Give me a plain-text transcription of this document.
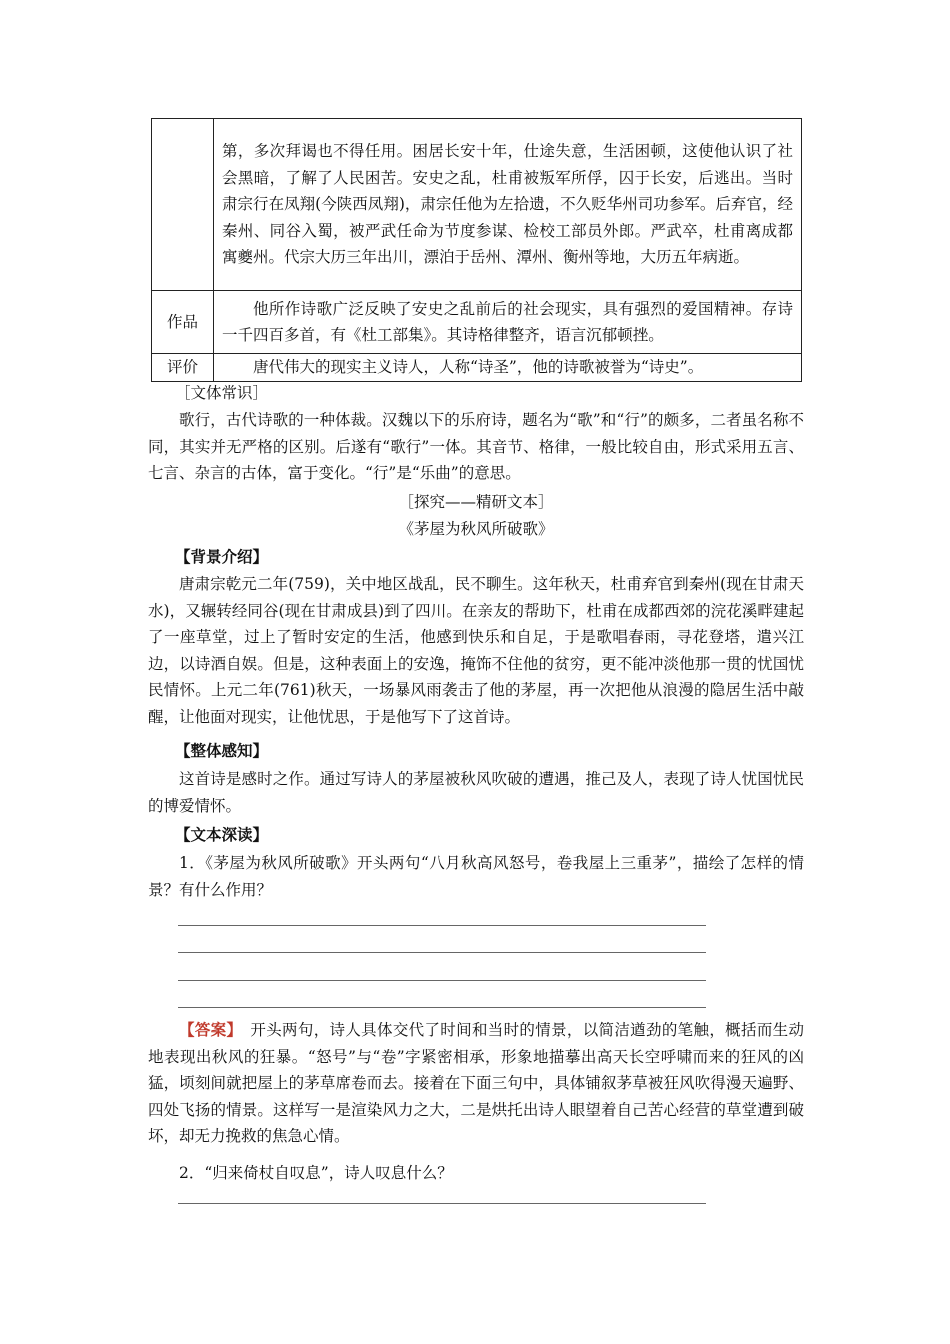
	第，多次拜谒也不得任用。困居长安十年，仕途失意，生活困顿，这使他认识了社会黑暗，了解了人民困苦。安史之乱，杜甫被叛军所俘，囚于长安，后逃出。当时肃宗行在凤翔(今陕西凤翔)，肃宗任他为左拾遗，不久贬华州司功参军。后弃官，经秦州、同谷入蜀，被严武任命为节度参谋、检校工部员外郎。严武卒，杜甫离成都寓夔州。代宗大历三年出川，漂泊于岳州、潭州、衡州等地，大历五年病逝。
作品	他所作诗歌广泛反映了安史之乱前后的社会现实，具有强烈的爱国精神。存诗一千四百多首，有《杜工部集》。其诗格律整齐，语言沉郁顿挫。
评价	唐代伟大的现实主义诗人，人称“诗圣”，他的诗歌被誉为“诗史”。
［文体常识］

歌行，古代诗歌的一种体裁。汉魏以下的乐府诗，题名为“歌”和“行”的颇多，二者虽名称不同，其实并无严格的区别。后遂有“歌行”一体。其音节、格律，一般比较自由，形式采用五言、七言、杂言的古体，富于变化。“行”是“乐曲”的意思。

［探究——精研文本］
《茅屋为秋风所破歌》
【背景介绍】

唐肃宗乾元二年(759)，关中地区战乱，民不聊生。这年秋天，杜甫弃官到秦州(现在甘肃天水)，又辗转经同谷(现在甘肃成县)到了四川。在亲友的帮助下，杜甫在成都西郊的浣花溪畔建起了一座草堂，过上了暂时安定的生活，他感到快乐和自足，于是歌唱春雨，寻花登塔，遣兴江边，以诗酒自娱。但是，这种表面上的安逸，掩饰不住他的贫穷，更不能冲淡他那一贯的忧国忧民情怀。上元二年(761)秋天，一场暴风雨袭击了他的茅屋，再一次把他从浪漫的隐居生活中敲醒，让他面对现实，让他忧思，于是他写下了这首诗。

【整体感知】

这首诗是感时之作。通过写诗人的茅屋被秋风吹破的遭遇，推己及人，表现了诗人忧国忧民的博爱情怀。

【文本深读】

1．《茅屋为秋风所破歌》开头两句“八月秋高风怒号，卷我屋上三重茅”，描绘了怎样的情景？有什么作用？

【答案】　 开头两句，诗人具体交代了时间和当时的情景，以简洁遒劲的笔触，概括而生动地表现出秋风的狂暴。“怒号”与“卷”字紧密相承，形象地描摹出高天长空呼啸而来的狂风的凶猛，顷刻间就把屋上的茅草席卷而去。接着在下面三句中，具体铺叙茅草被狂风吹得漫天遍野、四处飞扬的情景。这样写一是渲染风力之大，二是烘托出诗人眼望着自己苦心经营的草堂遭到破坏，却无力挽救的焦急心情。

2．“归来倚杖自叹息”，诗人叹息什么？
